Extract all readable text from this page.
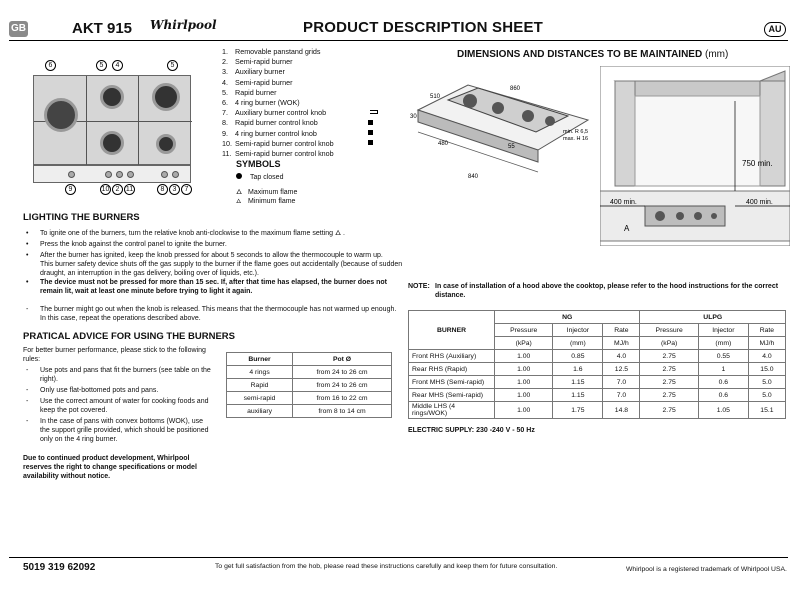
GB	AKT 915 Whirlpool	PRODUCT DESCRIPTION SHEET	AU
6	5	4	5
9	10 2 11	8	3	7
1. Removable panstand grids
2. Semi-rapid burner
3. Auxiliary burner
4. Semi-rapid burner
5. Rapid burner
6. 4 ring burner (WOK)
7. Auxiliary burner control knob
8. Rapid burner control knob
9. 4 ring burner control knob
10. Semi-rapid burner control knob
11. Semi-rapid burner control knob
SYMBOLS
Tap closed
🜂 Maximum flame
🜂 Minimum flame
LIGHTING THE BURNERS
• To ignite one of the burners, turn the relative knob anti-clockwise to the maximum flame setting 🜂 .
• Press the knob against the control panel to ignite the burner.
• After the burner has ignited, keep the knob pressed for about 5 seconds to allow the thermocouple to warm up.
This burner safety device shuts off the gas supply to the burner if the flame goes out accidentally (because of sudden
draught, an interruption in the gas delivery, boiling over of liquids, etc.).
• The device must not be pressed for more than 15 sec. If, after that time has elapsed, the burner does not
remain lit, wait at least one minute before trying to light it again.
- The burner might go out when the knob is released. This means that the thermocouple has not warmed up enough.
In this case, repeat the operations described above.
PRATICAL ADVICE FOR USING THE BURNERS
For better burner performance, please stick to the following
rules:
- Use pots and pans that fit the burners (see table on the
right).
- Only use flat-bottomed pots and pans.
- Use the correct amount of water for cooking foods and
keep the pot covered.
- In the case of pans with convex bottoms (WOK), use
the support grille provided, which should be positioned
only on the 4 ring burner.
Due to continued product development, Whirlpool
reserves the right to change specifications or model
availability without notice.
Burner	Pot Ø
4 rings	from 24 to 26 cm
Rapid	from 24 to 26 cm
semi-rapid	from 16 to 22 cm
auxiliary	from 8 to 14 cm
DIMENSIONS AND DISTANCES TO BE MAINTAINED (mm)
510
860
30
480	55
840
min. R 6,5
max. H 16
750 min.
400 min.	400 min.
A
NOTE: In case of installation of a hood above the cooktop, please refer to the hood instructions for the correct
distance.
BURNER	NG			ULPG		
	Pressure	Injector	Rate	Pressure	Injector	Rate
	(kPa)	(mm)	MJ/h	(kPa)	(mm)	MJ/h
Front RHS (Auxiliary)	1.00	0.85	4.0	2.75	0.55	4.0
Rear RHS (Rapid)	1.00	1.6	12.5	2.75	1	15.0
Front MHS (Semi-rapid)	1.00	1.15	7.0	2.75	0.6	5.0
Rear MHS (Semi-rapid)	1.00	1.15	7.0	2.75	0.6	5.0
Middle LHS (4 rings/WOK)	1.00	1.75	14.8	2.75	1.05	15.1
ELECTRIC SUPPLY: 230 -240 V - 50 Hz
5019 319 62092	To get full satisfaction from the hob, please read these instructions carefully and keep them for future consultation.	Whirlpool is a registered trademark of Whirlpool USA.
